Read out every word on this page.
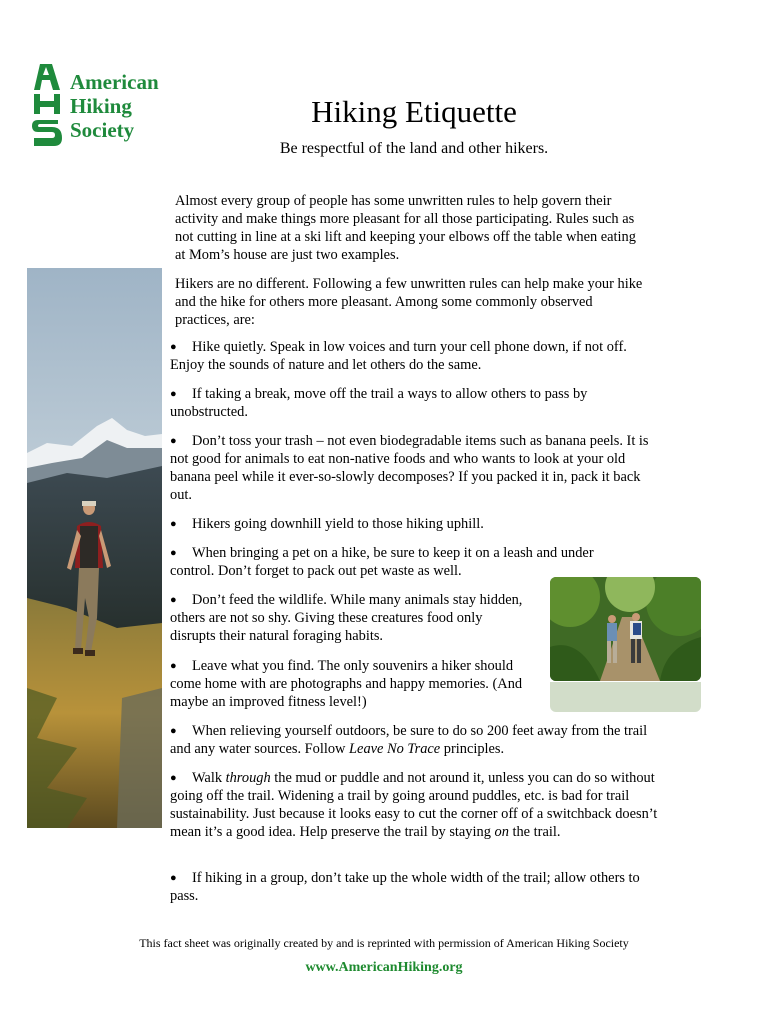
American
Hiking
Society
Hiking Etiquette
Be respectful of the land and other hikers.

Almost every group of people has some unwritten rules to help govern their activity and make things more pleasant for all those participating. Rules such as not cutting in line at a ski lift and keeping your elbows off the table when eating at Mom’s house are just two examples.

Hikers are no different. Following a few unwritten rules can help make your hike and the hike for others more pleasant. Among some commonly observed practices, are:

● Hike quietly. Speak in low voices and turn your cell phone down, if not off. Enjoy the sounds of nature and let others do the same.

● If taking a break, move off the trail a ways to allow others to pass by unobstructed.

● Don’t toss your trash – not even biodegradable items such as banana peels. It is not good for animals to eat non-native foods and who wants to look at your old banana peel while it ever-so-slowly decomposes? If you packed it in, pack it back out.

● Hikers going downhill yield to those hiking uphill.

● When bringing a pet on a hike, be sure to keep it on a leash and under control. Don’t forget to pack out pet waste as well.

● Don’t feed the wildlife. While many animals stay hidden, others are not so shy. Giving these creatures food only disrupts their natural foraging habits.

● Leave what you find. The only souvenirs a hiker should come home with are photographs and happy memories. (And maybe an improved fitness level!)

● When relieving yourself outdoors, be sure to do so 200 feet away from the trail and any water sources. Follow Leave No Trace principles.

● Walk through the mud or puddle and not around it, unless you can do so without going off the trail. Widening a trail by going around puddles, etc. is bad for trail sustainability. Just because it looks easy to cut the corner off of a switchback doesn’t mean it’s a good idea. Help preserve the trail by staying on the trail.

● If hiking in a group, don’t take up the whole width of the trail; allow others to pass.

This fact sheet was originally created by and is reprinted with permission of American Hiking Society
www.AmericanHiking.org
